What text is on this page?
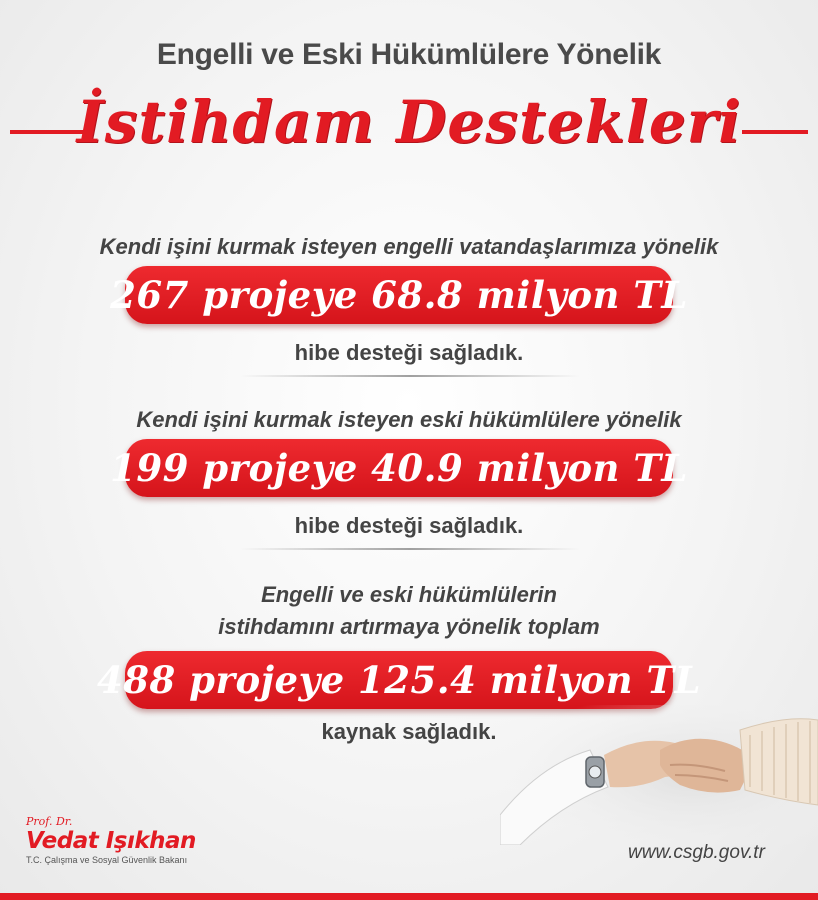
Engelli ve Eski Hükümlülere Yönelik
İstihdam Destekleri
Kendi işini kurmak isteyen engelli vatandaşlarımıza yönelik
267 projeye 68.8 milyon TL
hibe desteği sağladık.
Kendi işini kurmak isteyen eski hükümlülere yönelik
199 projeye 40.9 milyon TL
hibe desteği sağladık.
Engelli ve eski hükümlülerin
istihdamını artırmaya yönelik toplam
488 projeye 125.4 milyon TL
kaynak sağladık.
Prof. Dr.
Vedat Işıkhan
T.C. Çalışma ve Sosyal Güvenlik Bakanı	www.csgb.gov.tr
